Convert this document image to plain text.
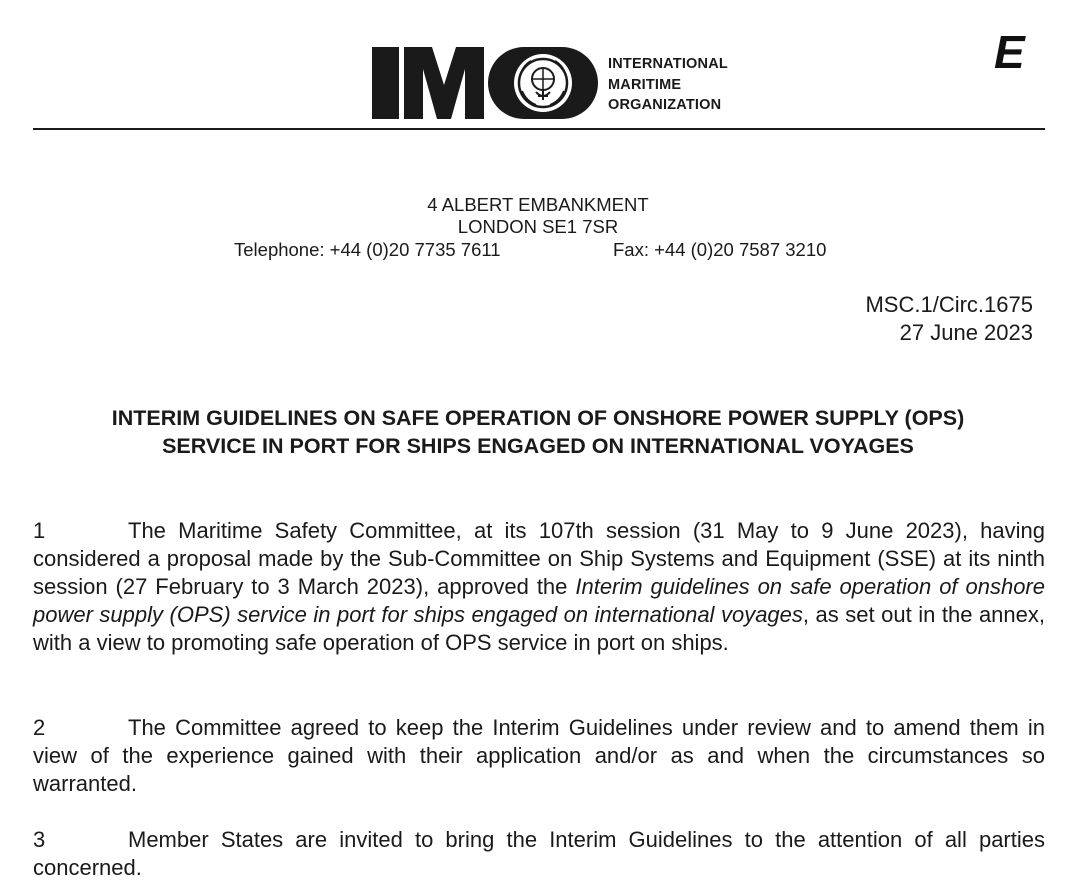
INTERNATIONAL
MARITIME
ORGANIZATION
E
4 ALBERT EMBANKMENT
LONDON SE1 7SR
Telephone: +44 (0)20 7735 7611	Fax: +44 (0)20 7587 3210
MSC.1/Circ.1675
27 June 2023
INTERIM GUIDELINES ON SAFE OPERATION OF ONSHORE POWER SUPPLY (OPS)
SERVICE IN PORT FOR SHIPS ENGAGED ON INTERNATIONAL VOYAGES

1	The Maritime Safety Committee, at its 107th session (31 May to 9 June 2023), having considered a proposal made by the Sub-Committee on Ship Systems and Equipment (SSE) at its ninth session (27 February to 3 March 2023), approved the Interim guidelines on safe operation of onshore power supply (OPS) service in port for ships engaged on international voyages, as set out in the annex, with a view to promoting safe operation of OPS service in port on ships.

2	The Committee agreed to keep the Interim Guidelines under review and to amend them in view of the experience gained with their application and/or as and when the circumstances so warranted.

3	Member States are invited to bring the Interim Guidelines to the attention of all parties concerned.
